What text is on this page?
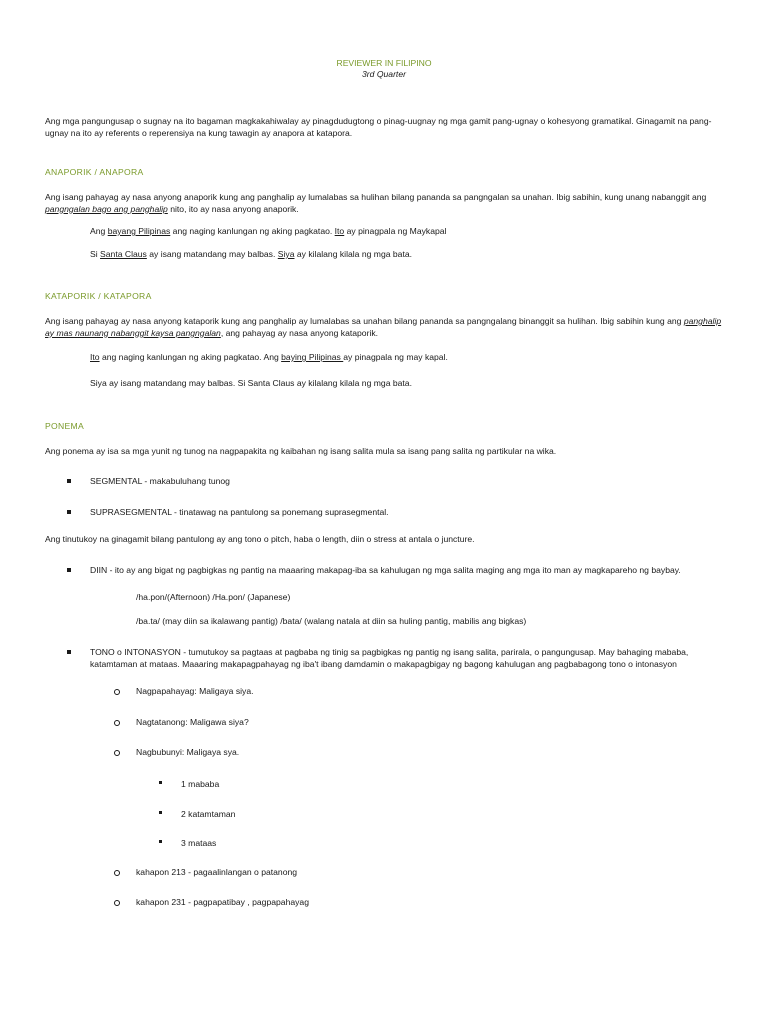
REVIEWER IN FILIPINO
3rd Quarter
Ang mga pangungusap o sugnay na ito bagaman magkakahiwalay ay pinagdudugtong o pinag-uugnay ng mga gamit pang-ugnay o kohesyong gramatikal. Ginagamit na pang-ugnay na ito ay referents o reperensiya na kung tawagin ay anapora at katapora.
ANAPORIK / ANAPORA
Ang isang pahayag ay nasa anyong anaporik kung ang panghalip ay lumalabas sa hulihan bilang pananda sa pangngalan sa unahan. Ibig sabihin, kung unang nabanggit ang pangngalan bago ang panghalip nito, ito ay nasa anyong anaporik.
Ang bayang Pilipinas ang naging kanlungan ng aking pagkatao. Ito ay pinagpala ng Maykapal
Si Santa Claus ay isang matandang may balbas. Siya ay kilalang kilala ng mga bata.
KATAPORIK / KATAPORA
Ang isang pahayag ay nasa anyong kataporik kung ang panghalip ay lumalabas sa unahan bilang pananda sa pangngalang binanggit sa hulihan. Ibig sabihin kung ang panghalip ay mas naunang nabanggit kaysa pangngalan, ang pahayag ay nasa anyong kataporik.
Ito ang naging kanlungan ng aking pagkatao. Ang baying Pilipinas ay pinagpala ng may kapal.
Siya ay isang matandang may balbas. Si Santa Claus ay kilalang kilala ng mga bata.
PONEMA
Ang ponema ay isa sa mga yunit ng tunog na nagpapakita ng kaibahan ng isang salita mula sa isang pang salita ng partikular na wika.
SEGMENTAL - makabuluhang tunog
SUPRASEGMENTAL - tinatawag na pantulong sa ponemang suprasegmental.
Ang tinutukoy na ginagamit bilang pantulong ay ang tono o pitch, haba o length, diin o stress at antala o juncture.
DIIN - ito ay ang bigat ng pagbigkas ng pantig na maaaring makapag-iba sa kahulugan ng mga salita maging ang mga ito man ay magkapareho ng baybay.
/ha.pon/(Afternoon) /Ha.pon/ (Japanese)
/ba.ta/ (may diin sa ikalawang pantig) /bata/ (walang natala at diin sa huling pantig, mabilis ang bigkas)
TONO o INTONASYON - tumutukoy sa pagtaas at pagbaba ng tinig sa pagbigkas ng pantig ng isang salita, parirala, o pangungusap. May bahaging mababa, katamtaman at mataas. Maaaring makapagpahayag ng iba't ibang damdamin o makapagbigay ng bagong kahulugan ang pagbabagong tono o intonasyon
Nagpapahayag: Maligaya siya.
Nagtatanong: Maligawa siya?
Nagbubunyi: Maligaya sya.
1 mababa
2 katamtaman
3 mataas
kahapon 213 - pagaalinlangan o patanong
kahapon 231 - pagpapatibay , pagpapahayag
